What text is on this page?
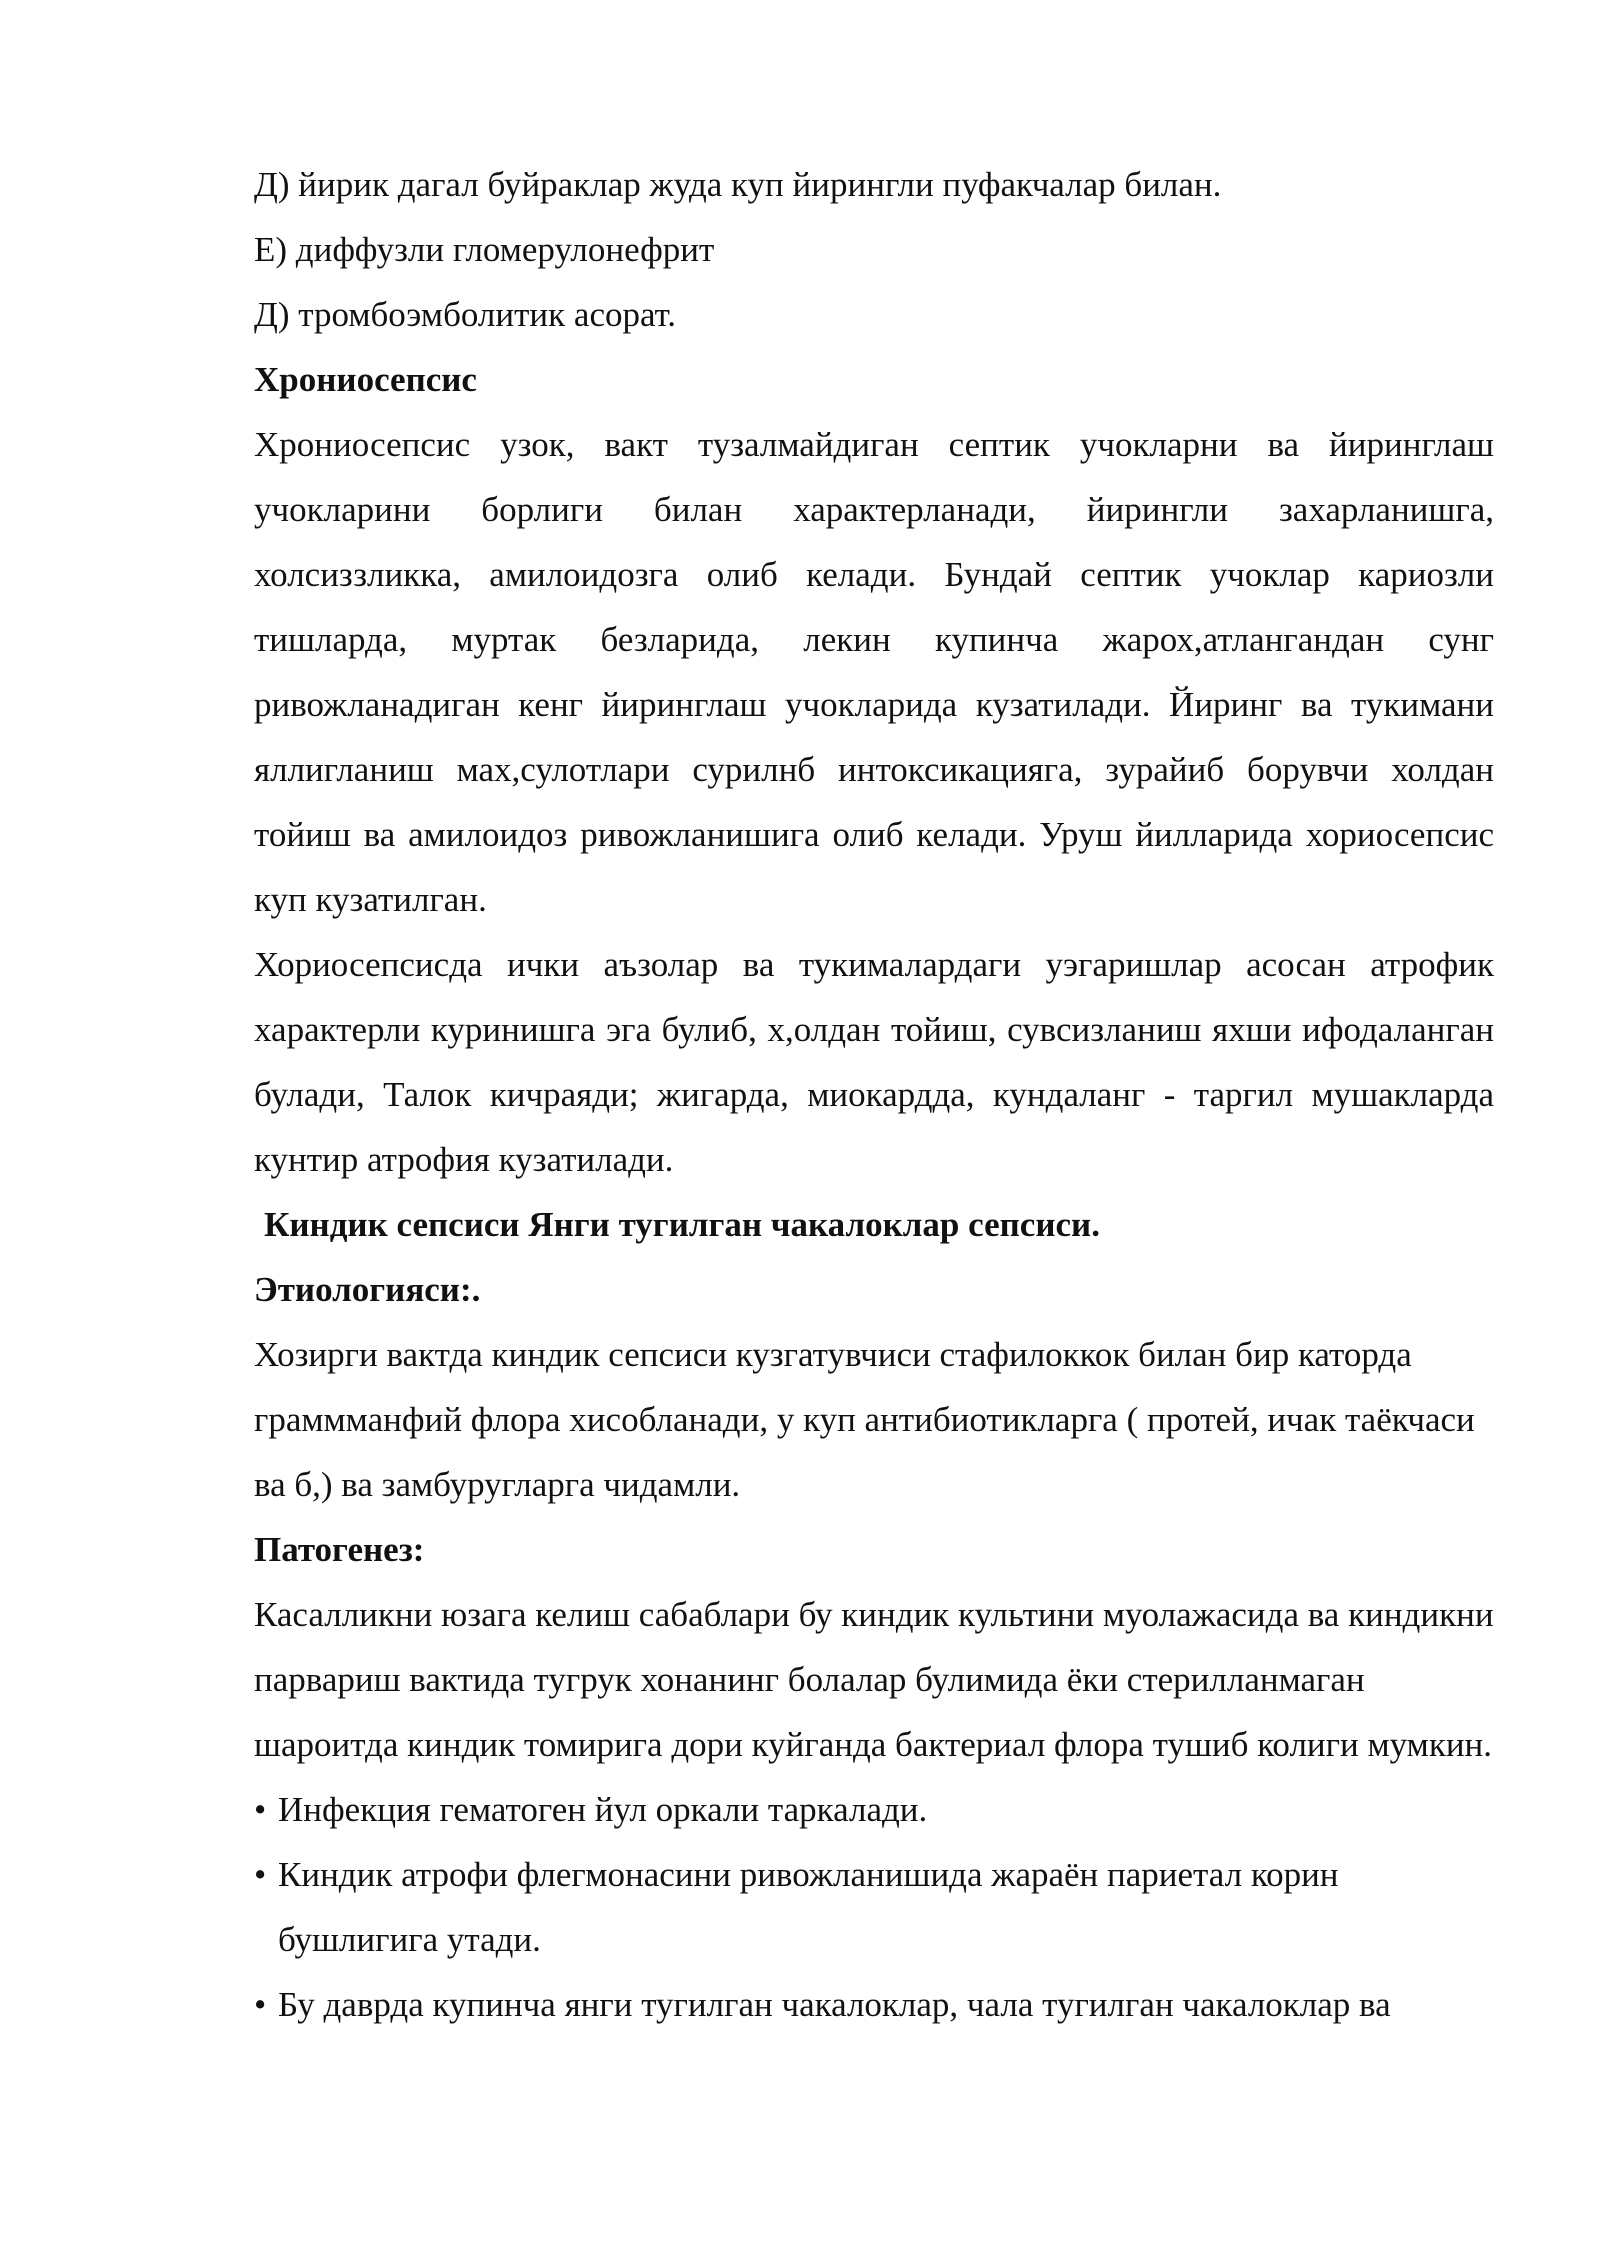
Д) йирик дагал буйраклар жуда куп йирингли пуфакчалар билан.

Е) диффузли гломерулонефрит

Д) тромбоэмболитик асорат.

Хрониосепсис

Хрониосепсис узок, вакт тузалмайдиган септик учокларни ва йиринглаш учокларини борлиги билан характерланади, йирингли захарланишга, холсиззликка, амилоидозга олиб келади. Бундай септик учоклар кариозли тишларда, муртак безларида, лекин купинча жарох,атлангандан сунг ривожланадиган кенг йиринглаш учокларида кузатилади. Йиринг ва тукимани яллигланиш мах,сулотлари сурилнб интоксикацияга, зурайиб борувчи холдан тойиш ва амилоидоз ривожланишига олиб келади. Уруш йилларида хориосепсис куп кузатилган.

Хориосепсисда ички аъзолар ва тукималардаги уэгаришлар асосан атрофик характерли куринишга эга булиб, х,олдан тойиш, сувсизланиш яхши ифодаланган булади, Талок кичраяди; жигарда, миокардда, кундаланг - таргил мушакларда кунтир атрофия кузатилади.

Киндик сепсиси Янги тугилган чакалоклар сепсиси.

Этиологияси:.

Хозирги вактда киндик сепсиси кузгатувчиси стафилоккок билан бир каторда граммманфий флора хисобланади, у куп антибиотикларга ( протей, ичак таёкчаси ва б,) ва замбуругларга чидамли.

Патогенез:

Касалликни юзага келиш сабаблари бу киндик культини муолажасида ва киндикни парвариш вактида тугрук хонанинг болалар булимида ёки стерилланмаган шароитда киндик томирига дори куйганда бактериал флора тушиб колиги мумкин.

• Инфекция гематоген йул оркали таркалади.
• Киндик атрофи флегмонасини ривожланишида жараён париетал корин бушлигига утади.
• Бу даврда купинча янги тугилган чакалоклар, чала тугилган чакалоклар ва
